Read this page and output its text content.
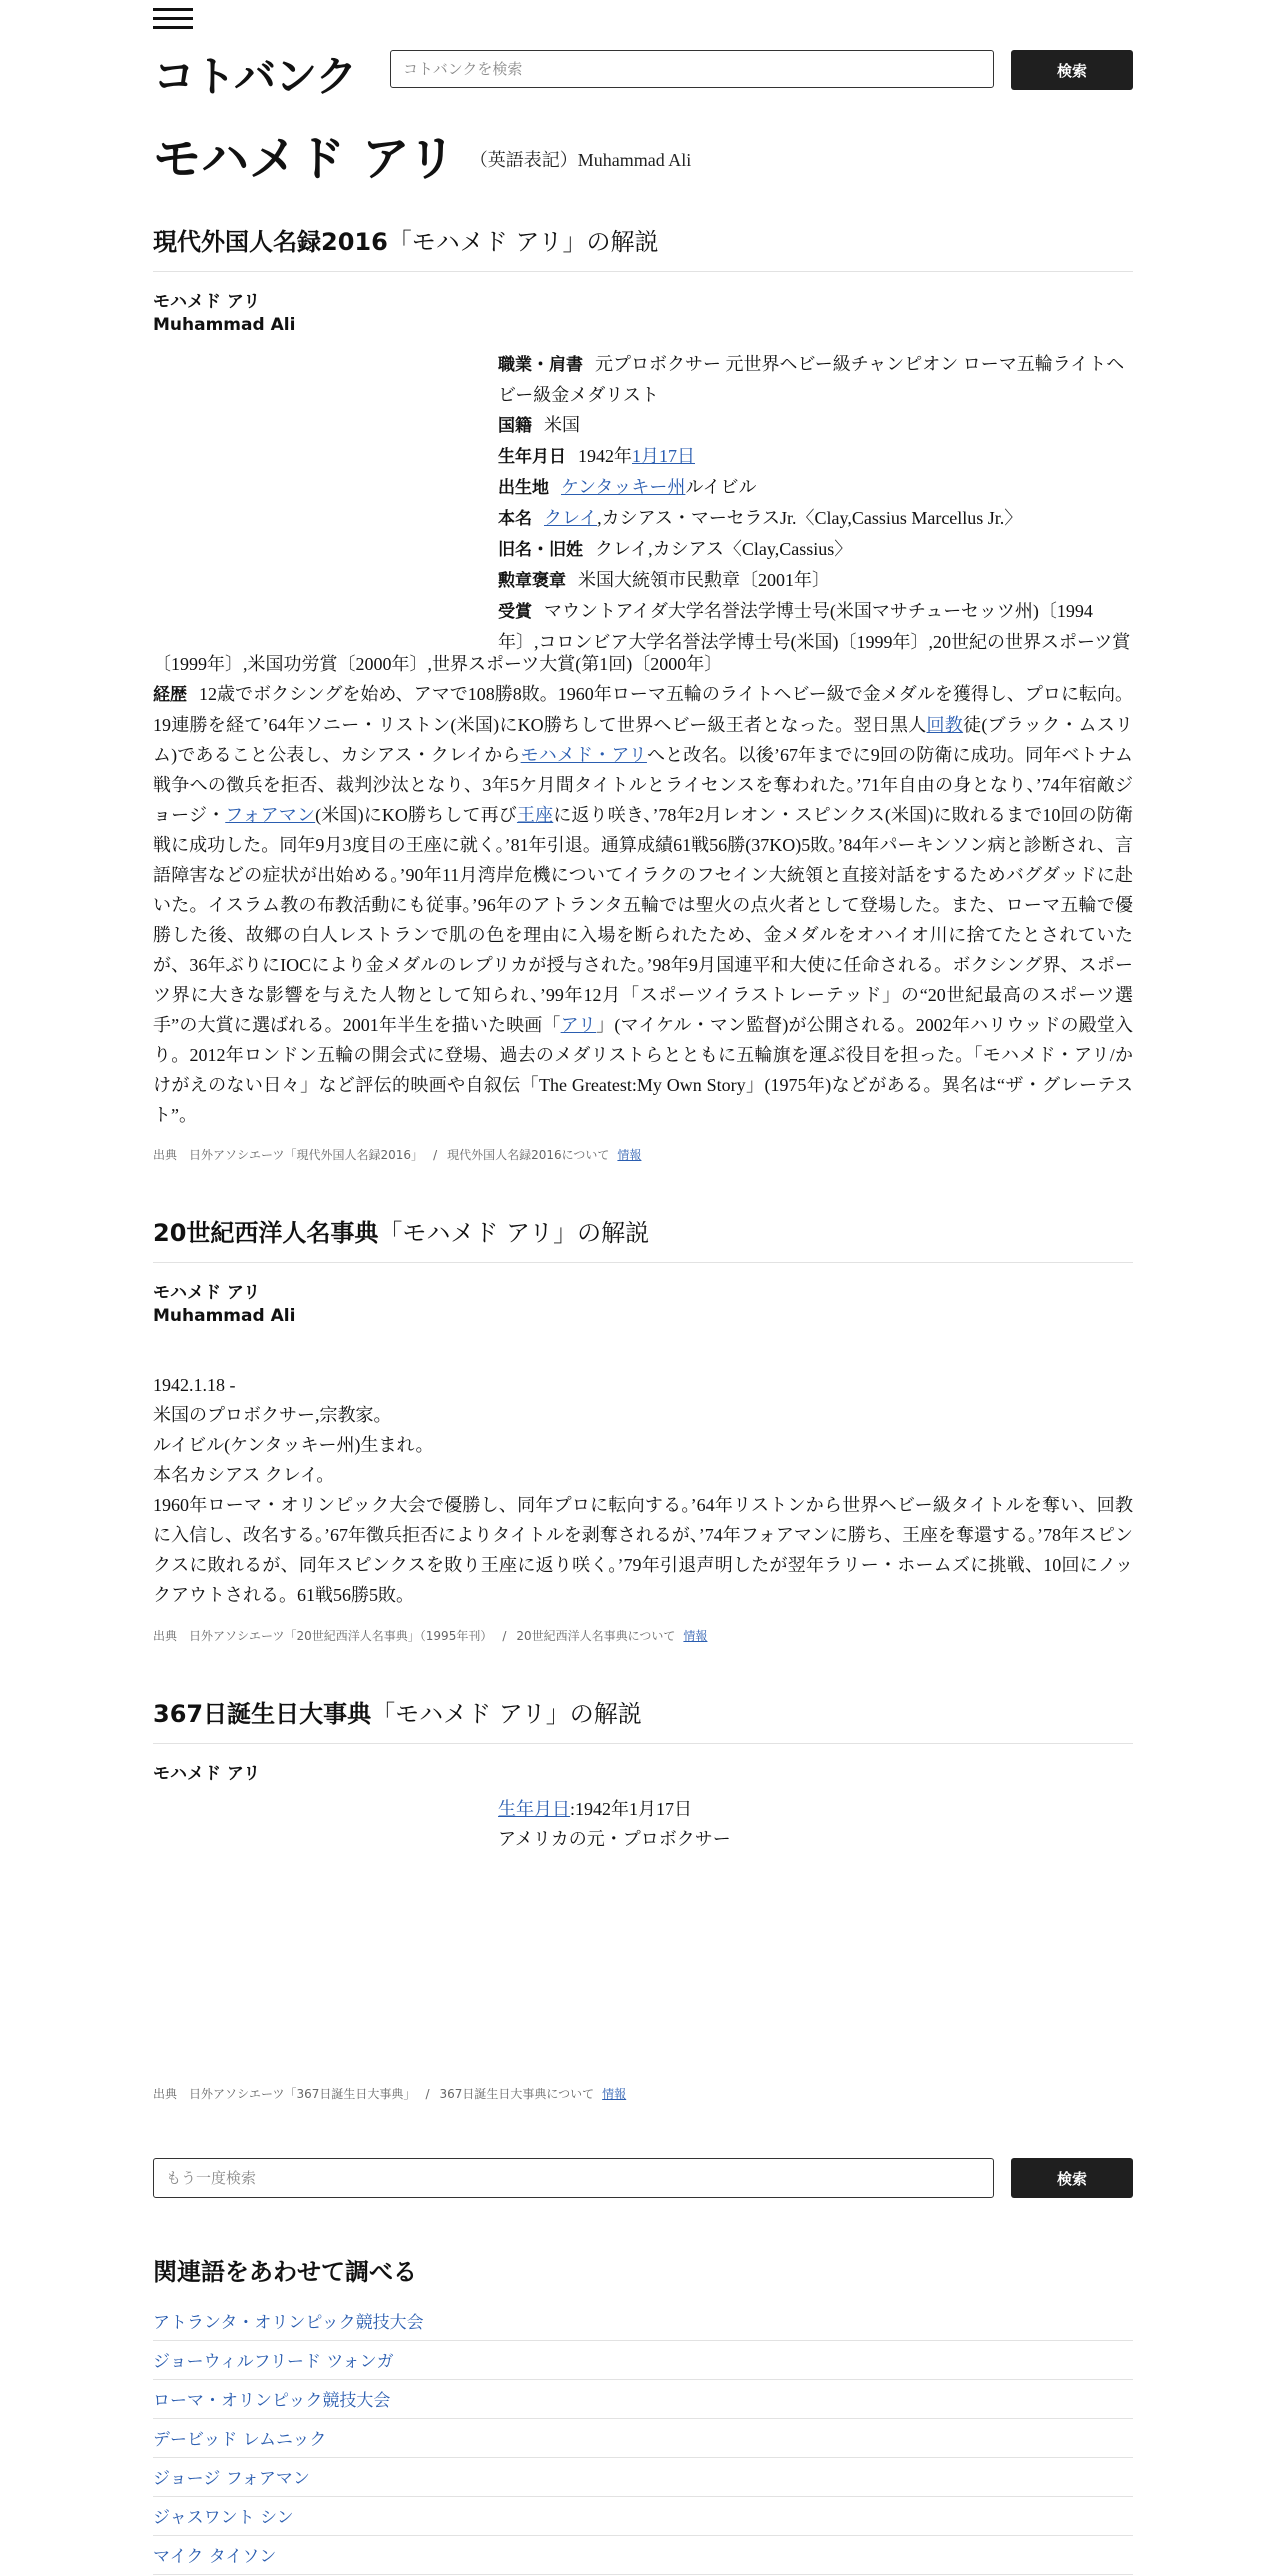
コトバンク
コトバンクを検索	検索
モハメド アリ （英語表記）Muhammad Ali
現代外国人名録2016「モハメド アリ」の解説
モハメド アリ
Muhammad Ali
職業・肩書 元プロボクサー 元世界ヘビー級チャンピオン ローマ五輪ライトヘビー級金メダリスト
国籍 米国
生年月日 1942年1月17日
出生地 ケンタッキー州ルイビル
本名 クレイ,カシアス・マーセラスJr.〈Clay,Cassius Marcellus Jr.〉
旧名・旧姓 クレイ,カシアス〈Clay,Cassius〉
勲章褒章 米国大統領市民勲章〔2001年〕
受賞 マウントアイダ大学名誉法学博士号(米国マサチューセッツ州)〔1994年〕,コロンビア大学名誉法学博士号(米国)〔1999年〕,20世紀の世界スポーツ賞
〔1999年〕,米国功労賞〔2000年〕,世界スポーツ大賞(第1回)〔2000年〕
経歴 12歳でボクシングを始め、アマで108勝8敗。1960年ローマ五輪のライトヘビー級で金メダルを獲得し、プロに転向。19連勝を経て’64年ソニー・リストン(米国)にKO勝ちして世界ヘビー級王者となった。翌日黒人回教徒(ブラック・ムスリム)であること公表し、カシアス・クレイからモハメド・アリへと改名。以後’67年までに9回の防衛に成功。同年ベトナム戦争への徴兵を拒否、裁判沙汰となり、3年5ケ月間タイトルとライセンスを奪われた。’71年自由の身となり、’74年宿敵ジョージ・フォアマン(米国)にKO勝ちして再び王座に返り咲き、’78年2月レオン・スピンクス(米国)に敗れるまで10回の防衛戦に成功した。同年9月3度目の王座に就く。’81年引退。通算成績61戦56勝(37KO)5敗。’84年パーキンソン病と診断され、言語障害などの症状が出始める。’90年11月湾岸危機についてイラクのフセイン大統領と直接対話をするためバグダッドに赴いた。イスラム教の布教活動にも従事。’96年のアトランタ五輪では聖火の点火者として登場した。また、ローマ五輪で優勝した後、故郷の白人レストランで肌の色を理由に入場を断られたため、金メダルをオハイオ川に捨てたとされていたが、36年ぶりにIOCにより金メダルのレプリカが授与された。’98年9月国連平和大使に任命される。ボクシング界、スポーツ界に大きな影響を与えた人物として知られ、’99年12月「スポーツイラストレーテッド」の“20世紀最高のスポーツ選手”の大賞に選ばれる。2001年半生を描いた映画「アリ」(マイケル・マン監督)が公開される。2002年ハリウッドの殿堂入り。2012年ロンドン五輪の開会式に登場、過去のメダリストらとともに五輪旗を運ぶ役目を担った。「モハメド・アリ/かけがえのない日々」など評伝的映画や自叙伝「The Greatest:My Own Story」(1975年)などがある。異名は“ザ・グレーテスト”。
出典　日外アソシエーツ「現代外国人名録2016」 / 現代外国人名録2016について 情報
20世紀西洋人名事典「モハメド アリ」の解説
モハメド アリ
Muhammad Ali
1942.1.18 -
米国のプロボクサー,宗教家。
ルイビル(ケンタッキー州)生まれ。
本名カシアス クレイ。
1960年ローマ・オリンピック大会で優勝し、同年プロに転向する。’64年リストンから世界ヘビー級タイトルを奪い、回教に入信し、改名する。’67年徴兵拒否によりタイトルを剥奪されるが、’74年フォアマンに勝ち、王座を奪還する。’78年スピンクスに敗れるが、同年スピンクスを敗り王座に返り咲く。’79年引退声明したが翌年ラリー・ホームズに挑戦、10回にノックアウトされる。61戦56勝5敗。
出典　日外アソシエーツ「20世紀西洋人名事典」（1995年刊） / 20世紀西洋人名事典について 情報
367日誕生日大事典「モハメド アリ」の解説
モハメド アリ
生年月日:1942年1月17日
アメリカの元・プロボクサー
出典　日外アソシエーツ「367日誕生日大事典」 / 367日誕生日大事典について 情報
もう一度検索
検索
関連語をあわせて調べる
アトランタ・オリンピック競技大会
ジョーウィルフリード ツォンガ
ローマ・オリンピック競技大会
デービッド レムニック
ジョージ フォアマン
ジャスワント シン
マイク タイソン
